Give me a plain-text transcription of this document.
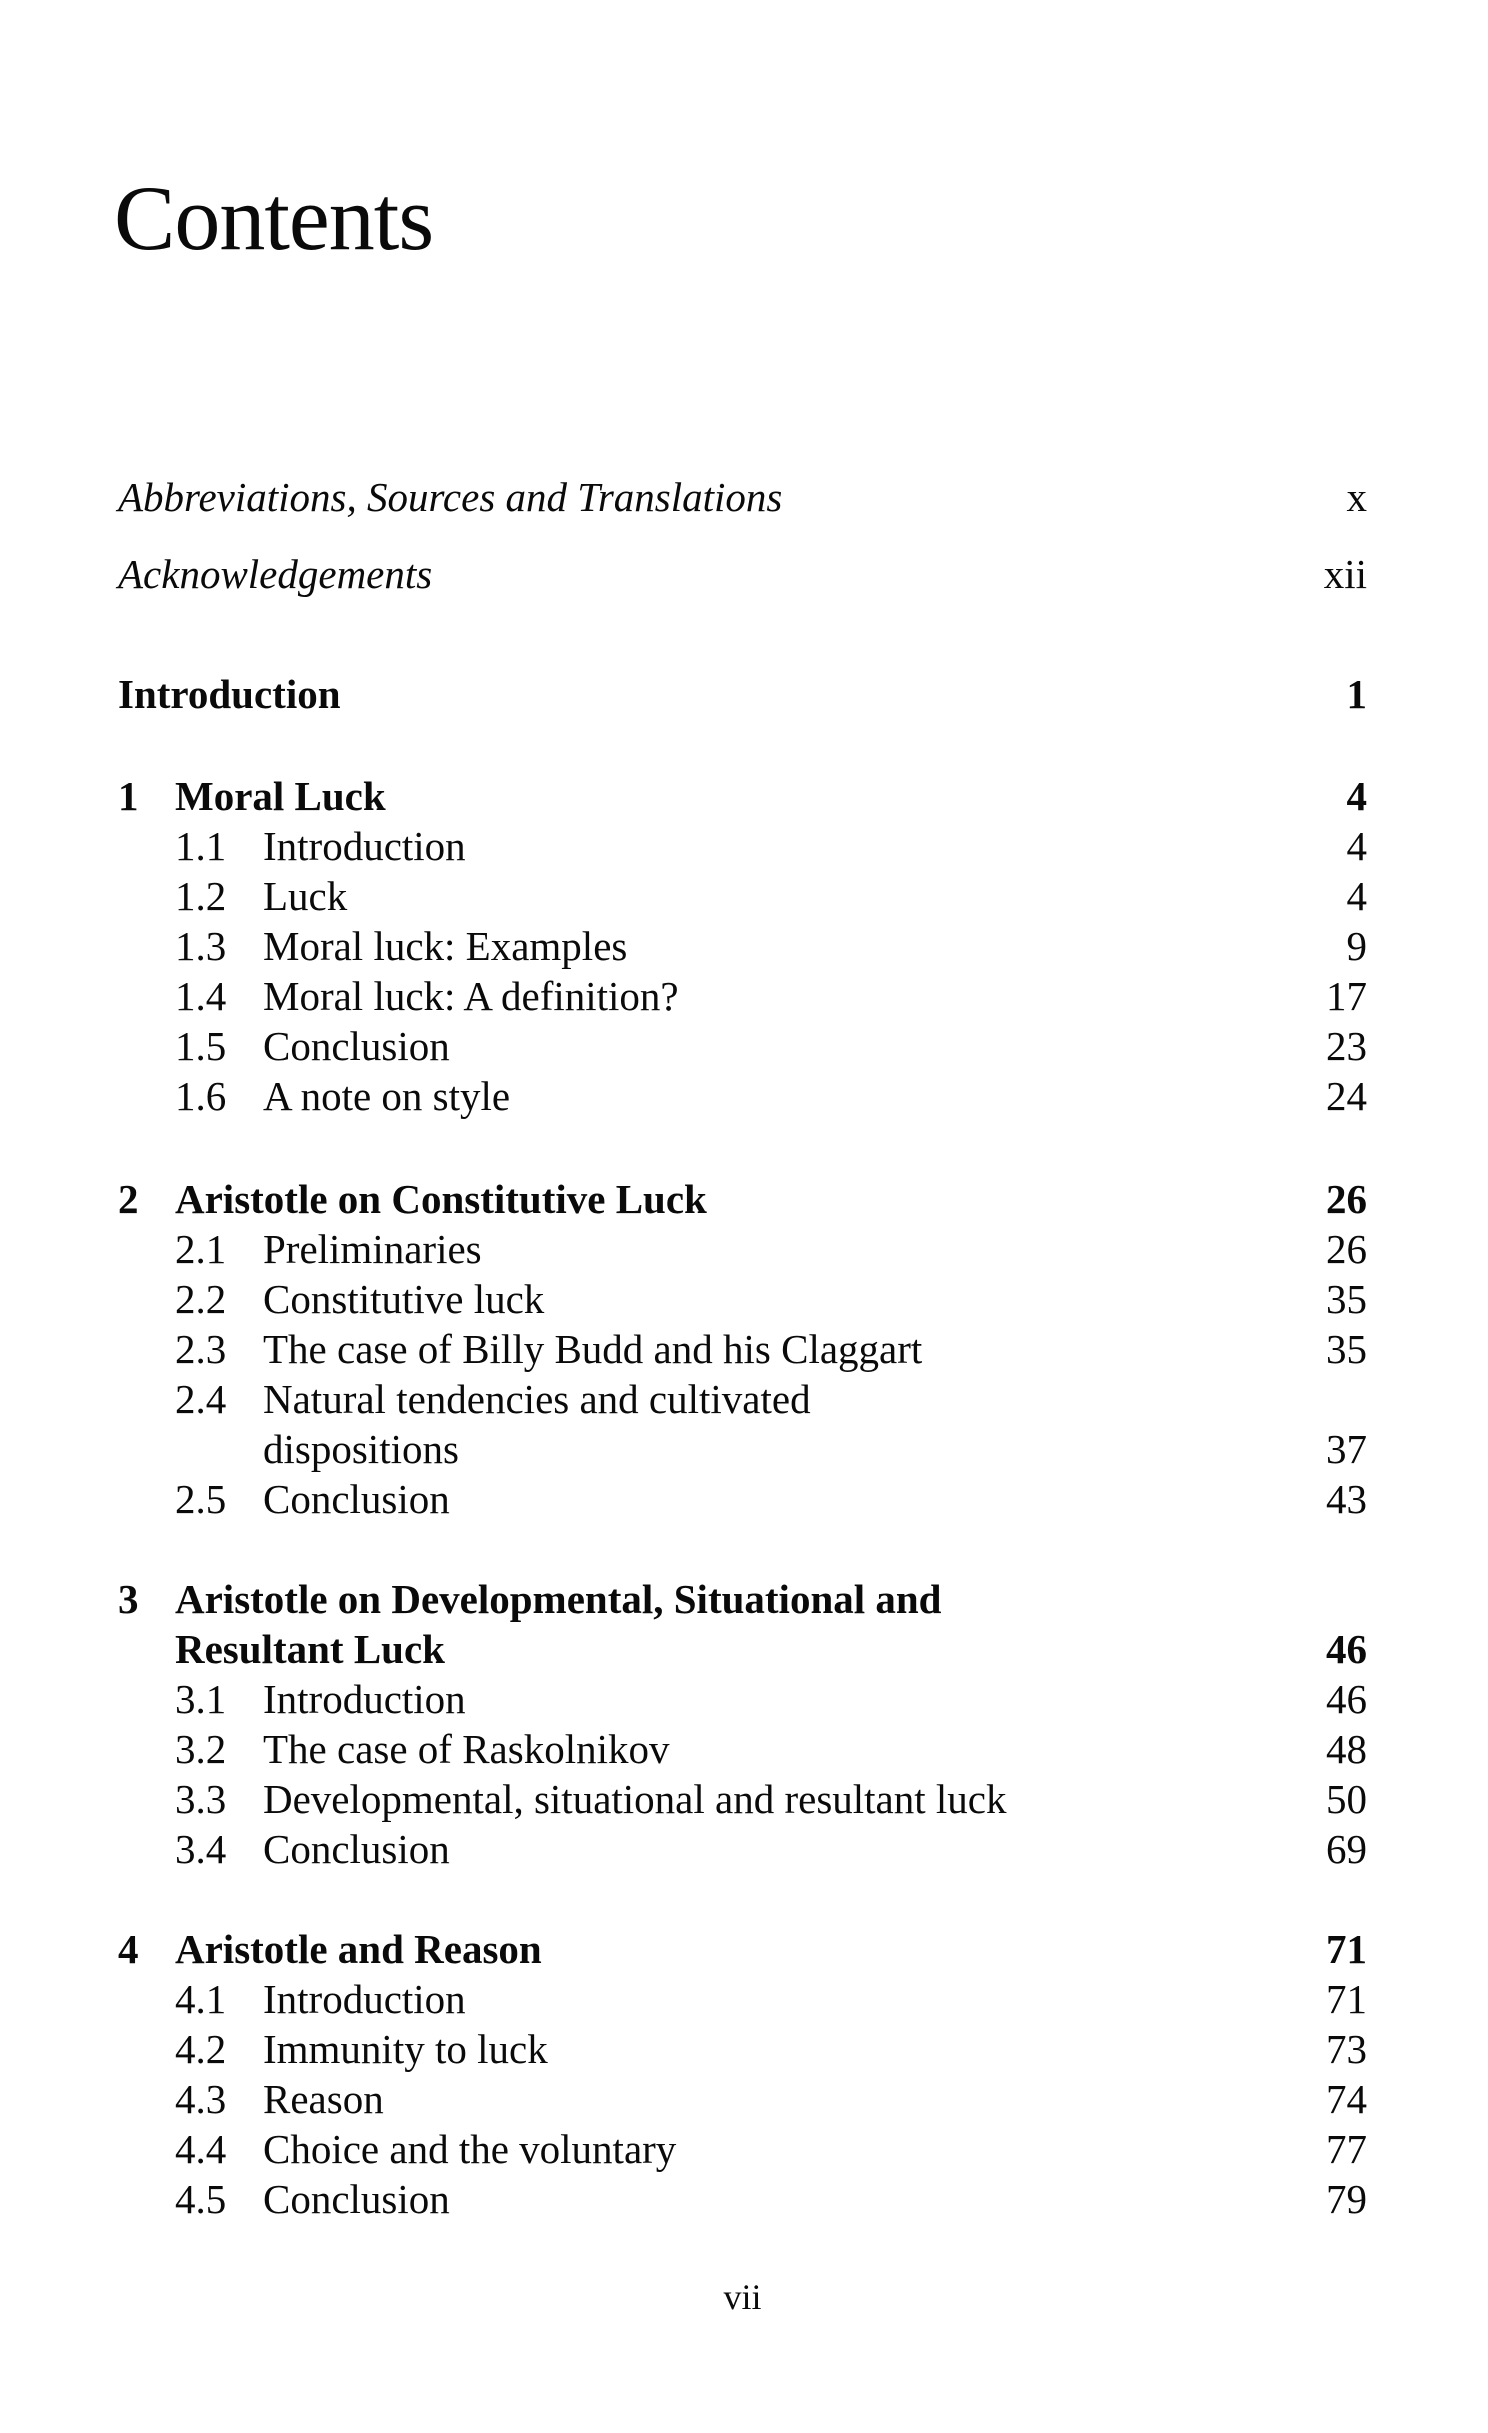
Contents
Abbreviations, Sources and Translations	x
Acknowledgements	xii
Introduction	1
1 Moral Luck	4
1.1 Introduction	4
1.2 Luck	4
1.3 Moral luck: Examples	9
1.4 Moral luck: A definition?	17
1.5 Conclusion	23
1.6 A note on style	24
2 Aristotle on Constitutive Luck	26
2.1 Preliminaries	26
2.2 Constitutive luck	35
2.3 The case of Billy Budd and his Claggart	35
2.4 Natural tendencies and cultivated
dispositions	37
2.5 Conclusion	43
3 Aristotle on Developmental, Situational and
Resultant Luck	46
3.1 Introduction	46
3.2 The case of Raskolnikov	48
3.3 Developmental, situational and resultant luck	50
3.4 Conclusion	69
4 Aristotle and Reason	71
4.1 Introduction	71
4.2 Immunity to luck	73
4.3 Reason	74
4.4 Choice and the voluntary	77
4.5 Conclusion	79
vii
